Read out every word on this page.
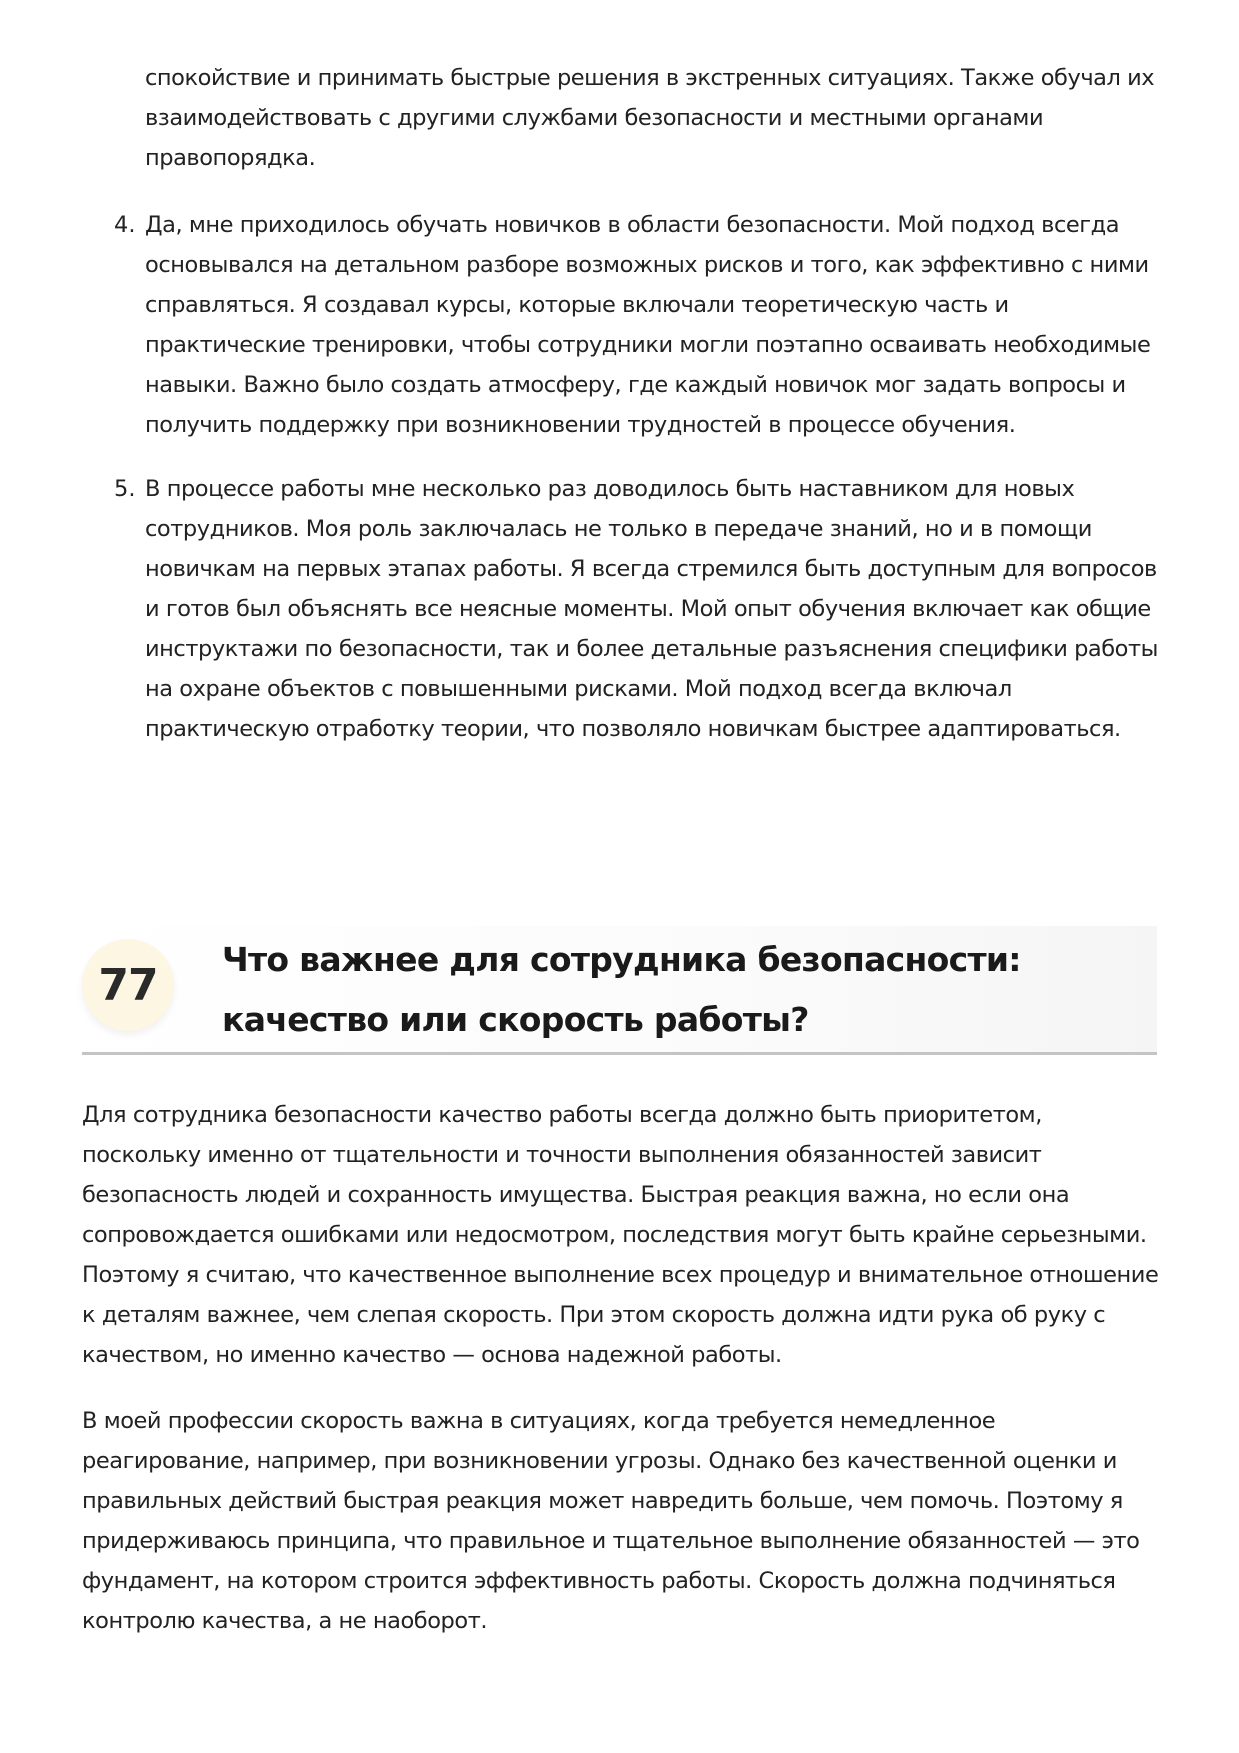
спокойствие и принимать быстрые решения в экстренных ситуациях. Также обучал их взаимодействовать с другими службами безопасности и местными органами правопорядка.

4. Да, мне приходилось обучать новичков в области безопасности. Мой подход всегда основывался на детальном разборе возможных рисков и того, как эффективно с ними справляться. Я создавал курсы, которые включали теоретическую часть и практические тренировки, чтобы сотрудники могли поэтапно осваивать необходимые навыки. Важно было создать атмосферу, где каждый новичок мог задать вопросы и получить поддержку при возникновении трудностей в процессе обучения.

5. В процессе работы мне несколько раз доводилось быть наставником для новых сотрудников. Моя роль заключалась не только в передаче знаний, но и в помощи новичкам на первых этапах работы. Я всегда стремился быть доступным для вопросов и готов был объяснять все неясные моменты. Мой опыт обучения включает как общие инструктажи по безопасности, так и более детальные разъяснения специфики работы на охране объектов с повышенными рисками. Мой подход всегда включал практическую отработку теории, что позволяло новичкам быстрее адаптироваться.

77	Что важнее для сотрудника безопасности: качество или скорость работы?

Для сотрудника безопасности качество работы всегда должно быть приоритетом, поскольку именно от тщательности и точности выполнения обязанностей зависит безопасность людей и сохранность имущества. Быстрая реакция важна, но если она сопровождается ошибками или недосмотром, последствия могут быть крайне серьезными. Поэтому я считаю, что качественное выполнение всех процедур и внимательное отношение к деталям важнее, чем слепая скорость. При этом скорость должна идти рука об руку с качеством, но именно качество — основа надежной работы.

В моей профессии скорость важна в ситуациях, когда требуется немедленное реагирование, например, при возникновении угрозы. Однако без качественной оценки и правильных действий быстрая реакция может навредить больше, чем помочь. Поэтому я придерживаюсь принципа, что правильное и тщательное выполнение обязанностей — это фундамент, на котором строится эффективность работы. Скорость должна подчиняться контролю качества, а не наоборот.
